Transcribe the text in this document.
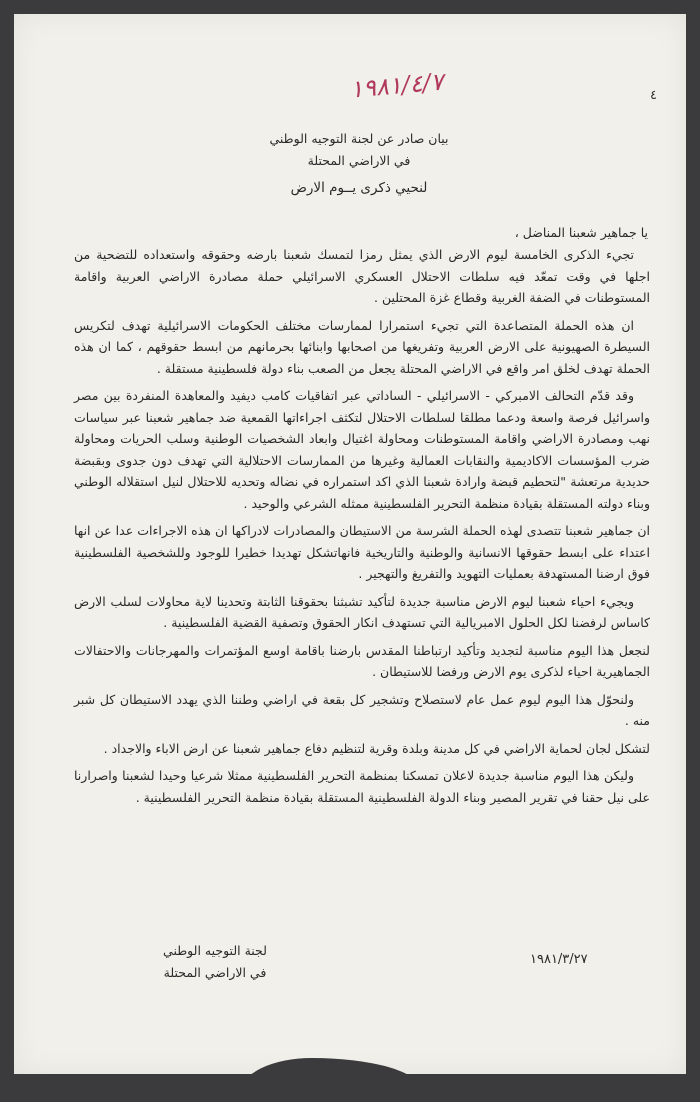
١٩٨١/٤/٧	٤
بيان صادر عن لجنة التوجيه الوطني
في الاراضي المحتلة
لنحيي ذكرى يــوم الارض
يا جماهير شعبنا المناضل ،

تجيء الذكرى الخامسة ليوم الارض الذي يمثل رمزا لتمسك شعبنا بارضه وحقوقه واستعداده للتضحية من اجلها في وقت تمعّد فيه سلطات الاحتلال العسكري الاسرائيلي حملة مصادرة الاراضي العربية واقامة المستوطنات في الضفة الغربية وقطاع غزة المحتلين .

ان هذه الحملة المتصاعدة التي تجيء استمرارا لممارسات مختلف الحكومات الاسرائيلية تهدف لتكريس السيطرة الصهيونية على الارض العربية وتفريغها من اصحابها وابنائها بحرمانهم من ابسط حقوقهم ، كما ان هذه الحملة تهدف لخلق امر واقع في الاراضي المحتلة يجعل من الصعب بناء دولة فلسطينية مستقلة .

وقد قدّم التحالف الامبركي - الاسرائيلي - الساداتي عبر اتفاقيات كامب ديفيد والمعاهدة المنفردة بين مصر واسرائيل فرصة واسعة ودعما مطلقا لسلطات الاحتلال لتكثف اجراءاتها القمعية ضد جماهير شعبنا عبر سياسات نهب ومصادرة الاراضي واقامة المستوطنات ومحاولة اغتيال وابعاد الشخصيات الوطنية وسلب الحريات ومحاولة ضرب المؤسسات الاكاديمية والنقابات العمالية وغيرها من الممارسات الاحتلالية التي تهدف دون جدوى وبقبضة حديدية مرتعشة "لتحطيم قبضة وارادة شعبنا الذي اكد استمراره في نضاله وتحديه للاحتلال لنيل استقلاله الوطني وبناء دولته المستقلة بقيادة منظمة التحرير الفلسطينية ممثله الشرعي والوحيد .

ان جماهير شعبنا تتصدى لهذه الحملة الشرسة من الاستيطان والمصادرات لادراكها ان هذه الاجراءات عدا عن انها اعتداء على ابسط حقوقها الانسانية والوطنية والتاريخية فانهاتشكل تهديدا خطيرا للوجود وللشخصية الفلسطينية فوق ارضنا المستهدفة بعمليات التهويد والتفريغ والتهجير .

ويجيء احياء شعبنا ليوم الارض مناسبة جديدة لتأكيد تشبثنا بحقوقنا الثابتة وتحدينا لاية محاولات لسلب الارض كاساس لرفضنا لكل الحلول الامبريالية التي تستهدف انكار الحقوق وتصفية القضية الفلسطينية .

لنجعل هذا اليوم مناسبة لتجديد وتأكيد ارتباطنا المقدس بارضنا باقامة اوسع المؤتمرات والمهرجانات والاحتفالات الجماهيرية احياء لذكرى يوم الارض ورفضا للاستيطان .

ولنحوّل هذا اليوم ليوم عمل عام لاستصلاح وتشجير كل بقعة في اراضي وطننا الذي يهدد الاستيطان كل شبر منه .

لتشكل لجان لحماية الاراضي في كل مدينة وبلدة وقرية لتنظيم دفاع جماهير شعبنا عن ارض الاباء والاجداد .

وليكن هذا اليوم مناسبة جديدة لاعلان تمسكنا بمنظمة التحرير الفلسطينية ممثلا شرعيا وحيدا لشعبنا واصرارنا على نيل حقنا في تقرير المصير وبناء الدولة الفلسطينية المستقلة بقيادة منظمة التحرير الفلسطينية .

لجنة التوجيه الوطني
في الاراضي المحتلة
١٩٨١/٣/٢٧
